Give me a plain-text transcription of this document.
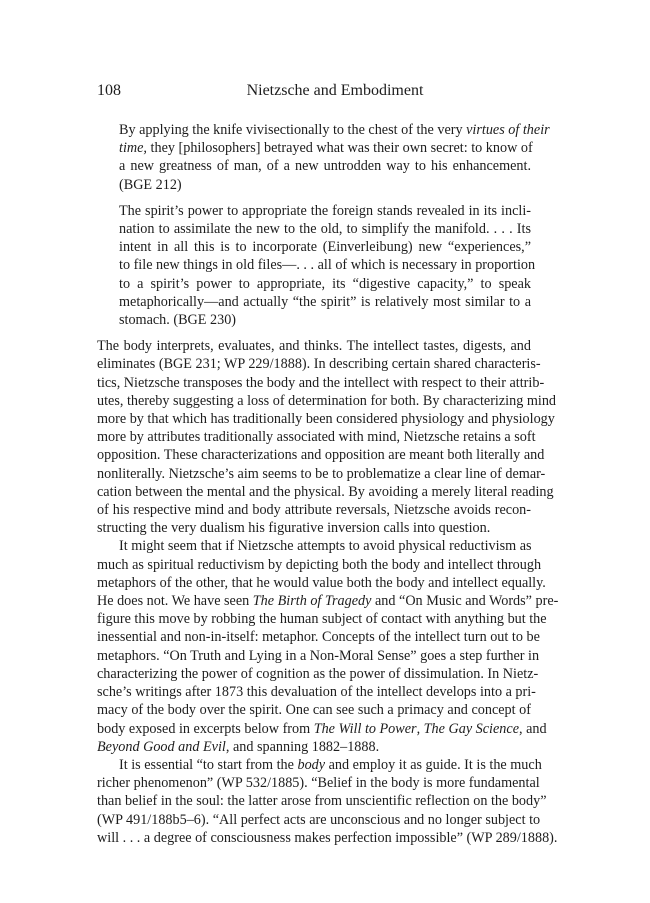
108	Nietzsche and Embodiment

By applying the knife vivisectionally to the chest of the very virtues of their
time, they [philosophers] betrayed what was their own secret: to know of
a new greatness of man, of a new untrodden way to his enhancement.
(BGE 212)

The spirit’s power to appropriate the foreign stands revealed in its incli-
nation to assimilate the new to the old, to simplify the manifold. . . . Its
intent in all this is to incorporate (Einverleibung) new “experiences,”
to file new things in old files—. . . all of which is necessary in proportion
to a spirit’s power to appropriate, its “digestive capacity,” to speak
metaphorically—and actually “the spirit” is relatively most similar to a
stomach. (BGE 230)

The body interprets, evaluates, and thinks. The intellect tastes, digests, and
eliminates (BGE 231; WP 229/1888). In describing certain shared characteris-
tics, Nietzsche transposes the body and the intellect with respect to their attrib-
utes, thereby suggesting a loss of determination for both. By characterizing mind
more by that which has traditionally been considered physiology and physiology
more by attributes traditionally associated with mind, Nietzsche retains a soft
opposition. These characterizations and opposition are meant both literally and
nonliterally. Nietzsche’s aim seems to be to problematize a clear line of demar-
cation between the mental and the physical. By avoiding a merely literal reading
of his respective mind and body attribute reversals, Nietzsche avoids recon-
structing the very dualism his figurative inversion calls into question.

It might seem that if Nietzsche attempts to avoid physical reductivism as
much as spiritual reductivism by depicting both the body and intellect through
metaphors of the other, that he would value both the body and intellect equally.
He does not. We have seen The Birth of Tragedy and “On Music and Words” pre-
figure this move by robbing the human subject of contact with anything but the
inessential and non-in-itself: metaphor. Concepts of the intellect turn out to be
metaphors. “On Truth and Lying in a Non-Moral Sense” goes a step further in
characterizing the power of cognition as the power of dissimulation. In Nietz-
sche’s writings after 1873 this devaluation of the intellect develops into a pri-
macy of the body over the spirit. One can see such a primacy and concept of
body exposed in excerpts below from The Will to Power, The Gay Science, and
Beyond Good and Evil, and spanning 1882–1888.

It is essential “to start from the body and employ it as guide. It is the much
richer phenomenon” (WP 532/1885). “Belief in the body is more fundamental
than belief in the soul: the latter arose from unscientific reflection on the body”
(WP 491/188b5–6). “All perfect acts are unconscious and no longer subject to
will . . . a degree of consciousness makes perfection impossible” (WP 289/1888).
